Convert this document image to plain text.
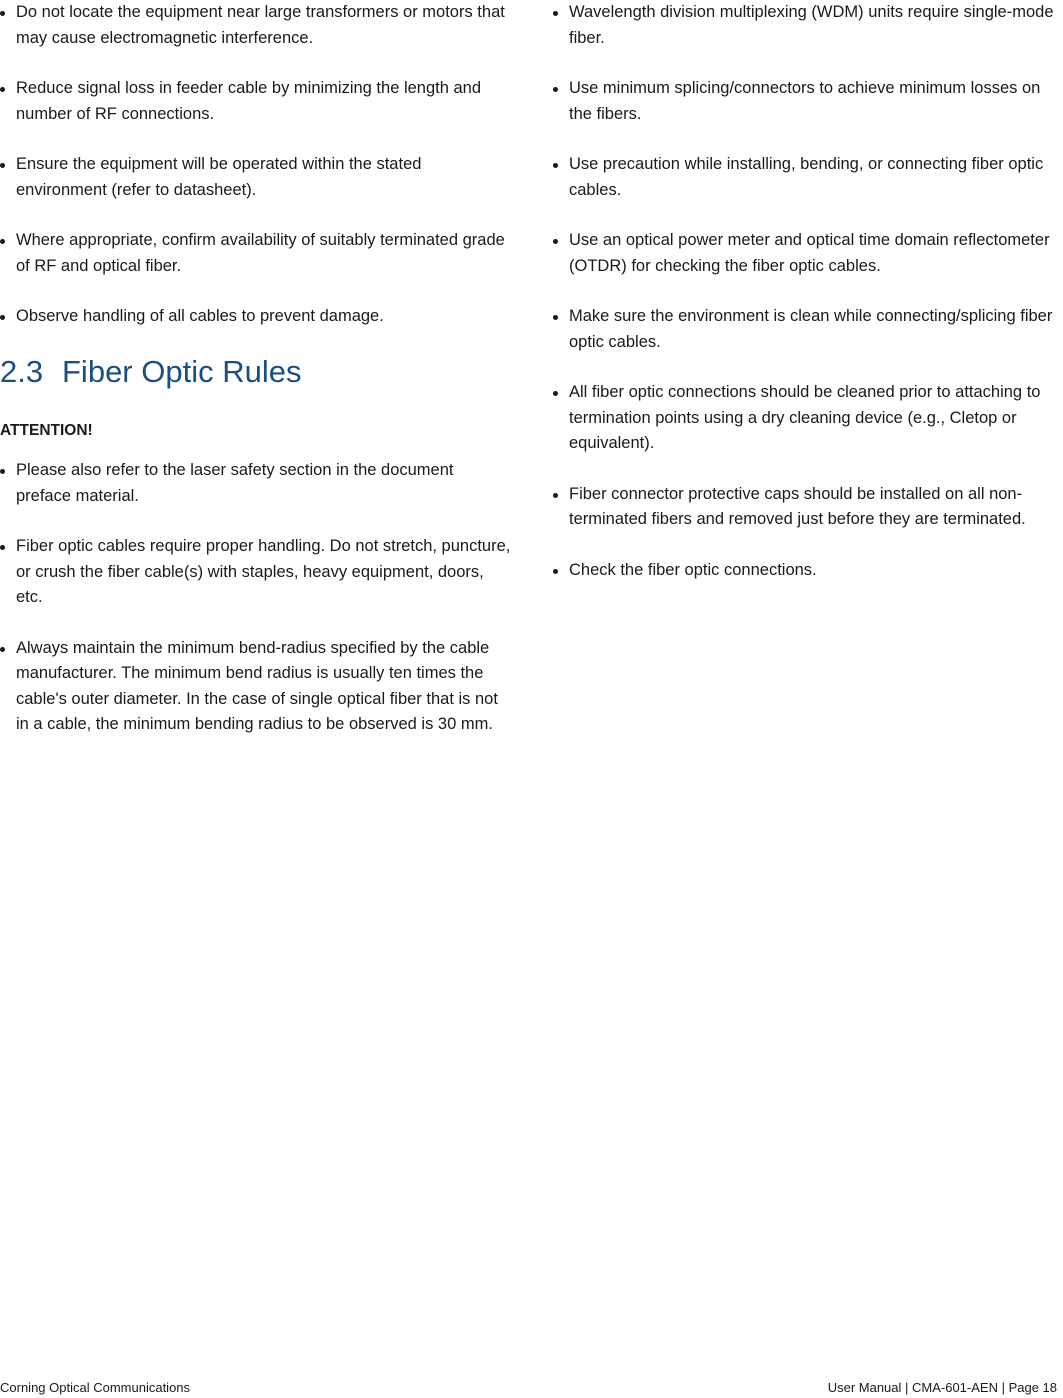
Do not locate the equipment near large transformers or motors that may cause electromagnetic interference.
Reduce signal loss in feeder cable by minimizing the length and number of RF connections.
Ensure the equipment will be operated within the stated environment (refer to datasheet).
Where appropriate, confirm availability of suitably terminated grade of RF and optical fiber.
Observe handling of all cables to prevent damage.
2.3 Fiber Optic Rules

ATTENTION!

Please also refer to the laser safety section in the document preface material.
Fiber optic cables require proper handling. Do not stretch, puncture, or crush the fiber cable(s) with staples, heavy equipment, doors, etc.
Always maintain the minimum bend-radius specified by the cable manufacturer. The minimum bend radius is usually ten times the cable's outer diameter. In the case of single optical fiber that is not in a cable, the minimum bending radius to be observed is 30 mm.
Wavelength division multiplexing (WDM) units require single-mode fiber.
Use minimum splicing/connectors to achieve minimum losses on the fibers.
Use precaution while installing, bending, or connecting fiber optic cables.
Use an optical power meter and optical time domain reflectometer (OTDR) for checking the fiber optic cables.
Make sure the environment is clean while connecting/splicing fiber optic cables.
All fiber optic connections should be cleaned prior to attaching to termination points using a dry cleaning device (e.g., Cletop or equivalent).
Fiber connector protective caps should be installed on all non-terminated fibers and removed just before they are terminated.
Check the fiber optic connections.
Corning Optical Communications	User Manual | CMA-601-AEN | Page 18
